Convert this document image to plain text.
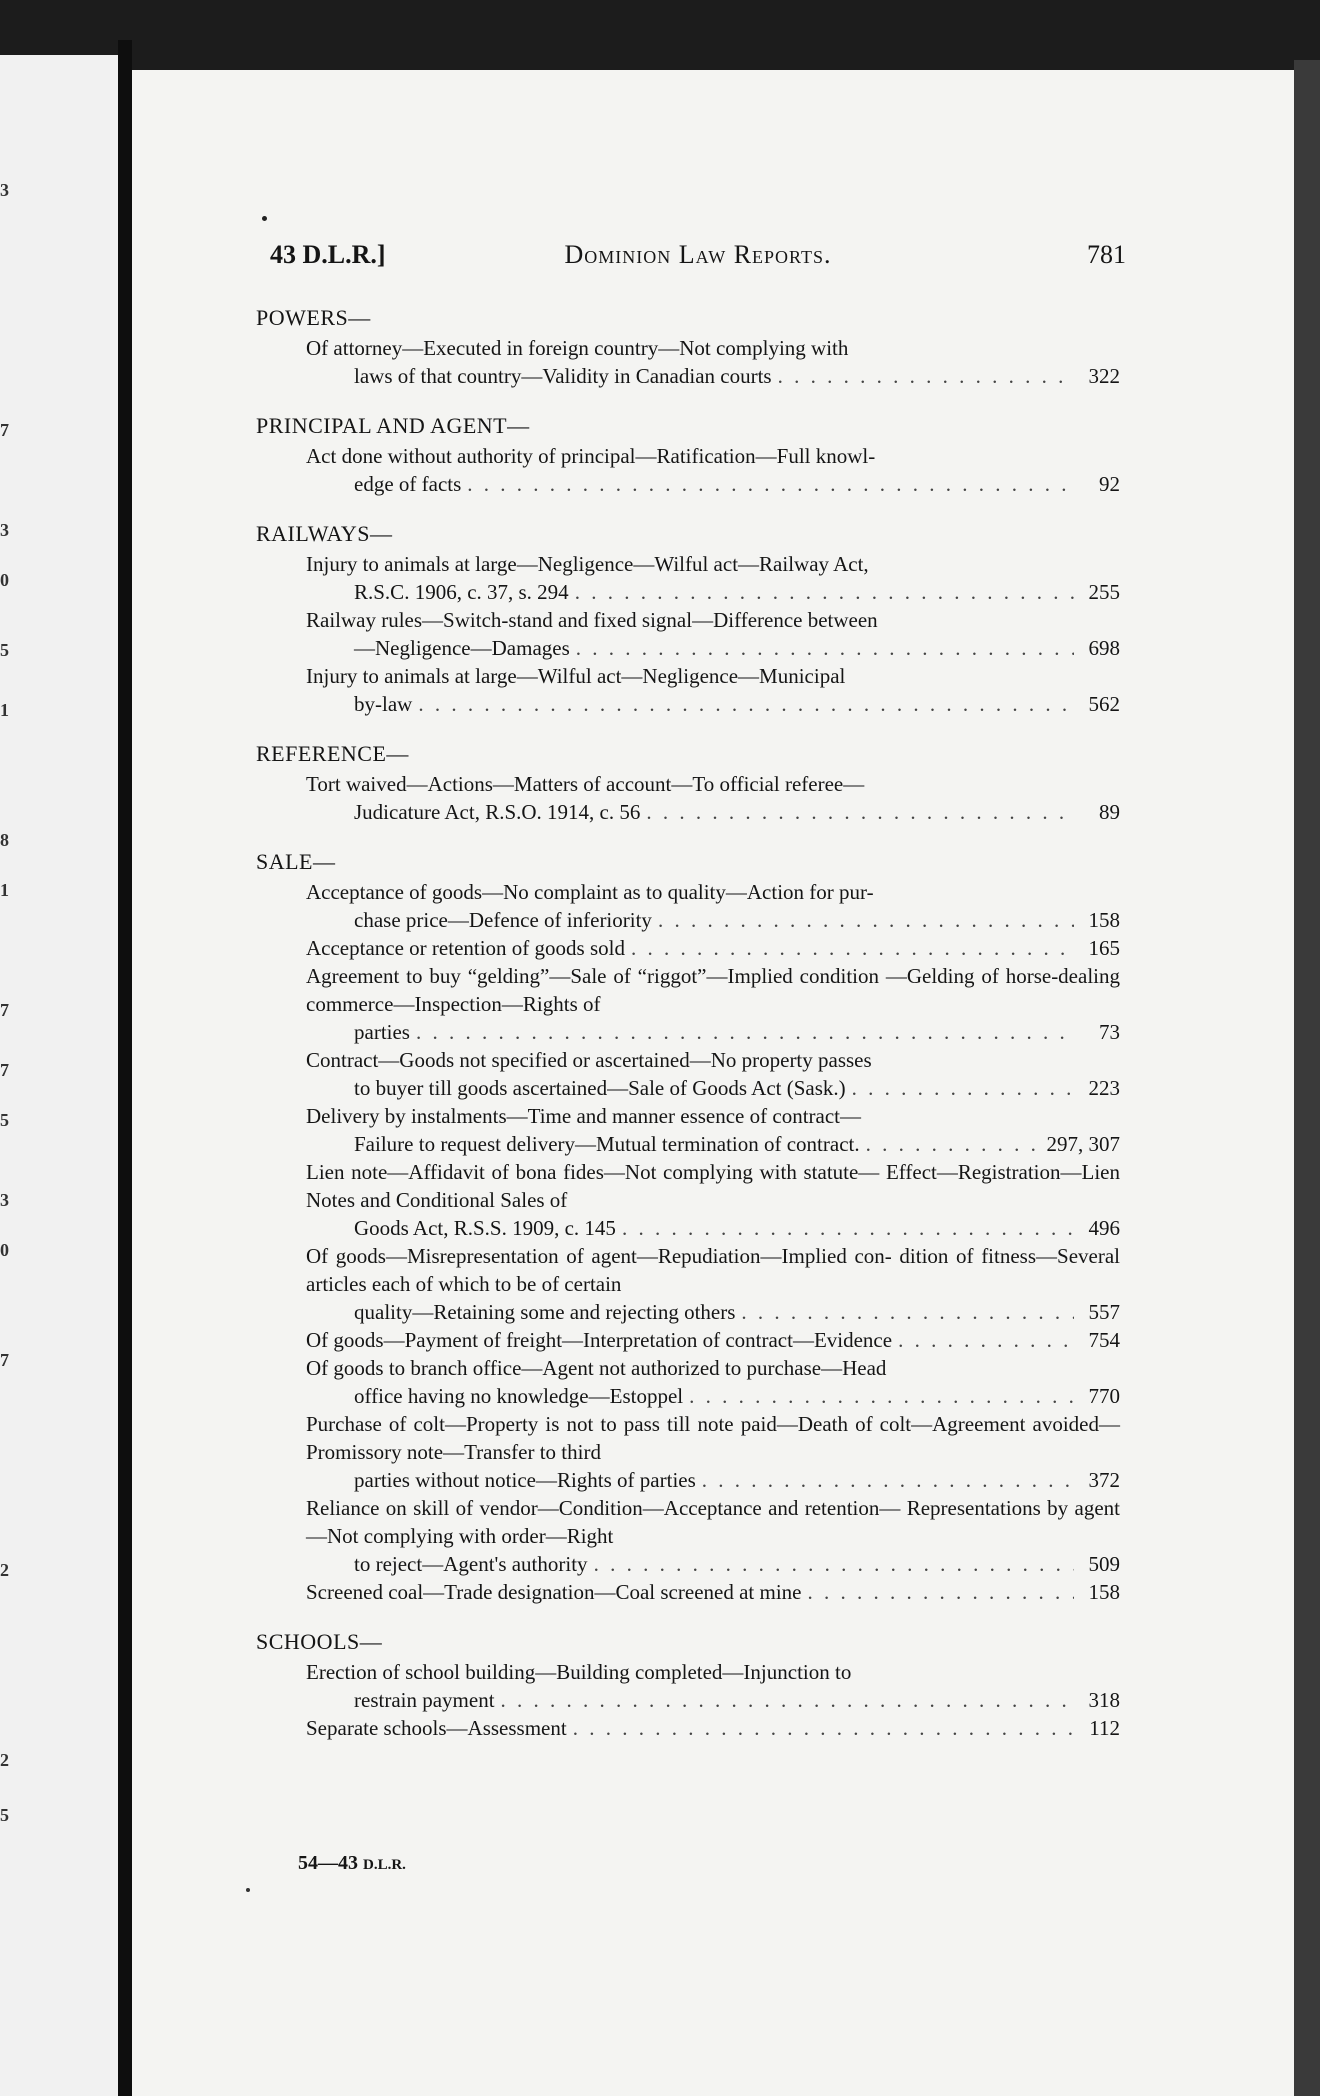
3
7
3
0
5
1
8
1
7
7
5
3
0
7
2
2
5
43 D.L.R.]	Dominion Law Reports.	781
POWERS—
Of attorney—Executed in foreign country—Not complying with
laws of that country—Validity in Canadian courts . . .	322
PRINCIPAL AND AGENT—
Act done without authority of principal—Ratification—Full knowl-
edge of facts . . .	92
RAILWAYS—
Injury to animals at large—Negligence—Wilful act—Railway Act,
R.S.C. 1906, c. 37, s. 294 . . .	255
Railway rules—Switch-stand and fixed signal—Difference between
—Negligence—Damages . . .	698
Injury to animals at large—Wilful act—Negligence—Municipal
by-law . . .	562
REFERENCE—
Tort waived—Actions—Matters of account—To official referee—
Judicature Act, R.S.O. 1914, c. 56 . . .	89
SALE—
Acceptance of goods—No complaint as to quality—Action for pur-
chase price—Defence of inferiority . . .	158
Acceptance or retention of goods sold . . .	165
Agreement to buy “gelding”—Sale of “riggot”—Implied condition —Gelding of horse-dealing commerce—Inspection—Rights of
parties . . .	73
Contract—Goods not specified or ascertained—No property passes
to buyer till goods ascertained—Sale of Goods Act (Sask.) . . .	223
Delivery by instalments—Time and manner essence of contract—
Failure to request delivery—Mutual termination of contract. . . .	297, 307
Lien note—Affidavit of bona fides—Not complying with statute— Effect—Registration—Lien Notes and Conditional Sales of
Goods Act, R.S.S. 1909, c. 145 . . .	496
Of goods—Misrepresentation of agent—Repudiation—Implied con- dition of fitness—Several articles each of which to be of certain
quality—Retaining some and rejecting others . . .	557
Of goods—Payment of freight—Interpretation of contract—Evidence . . .	754
Of goods to branch office—Agent not authorized to purchase—Head
office having no knowledge—Estoppel . . .	770
Purchase of colt—Property is not to pass till note paid—Death of colt—Agreement avoided—Promissory note—Transfer to third
parties without notice—Rights of parties . . .	372
Reliance on skill of vendor—Condition—Acceptance and retention— Representations by agent—Not complying with order—Right
to reject—Agent's authority . . .	509
Screened coal—Trade designation—Coal screened at mine . . .	158
SCHOOLS—
Erection of school building—Building completed—Injunction to
restrain payment . . .	318
Separate schools—Assessment . . .	112
54—43 D.L.R.
